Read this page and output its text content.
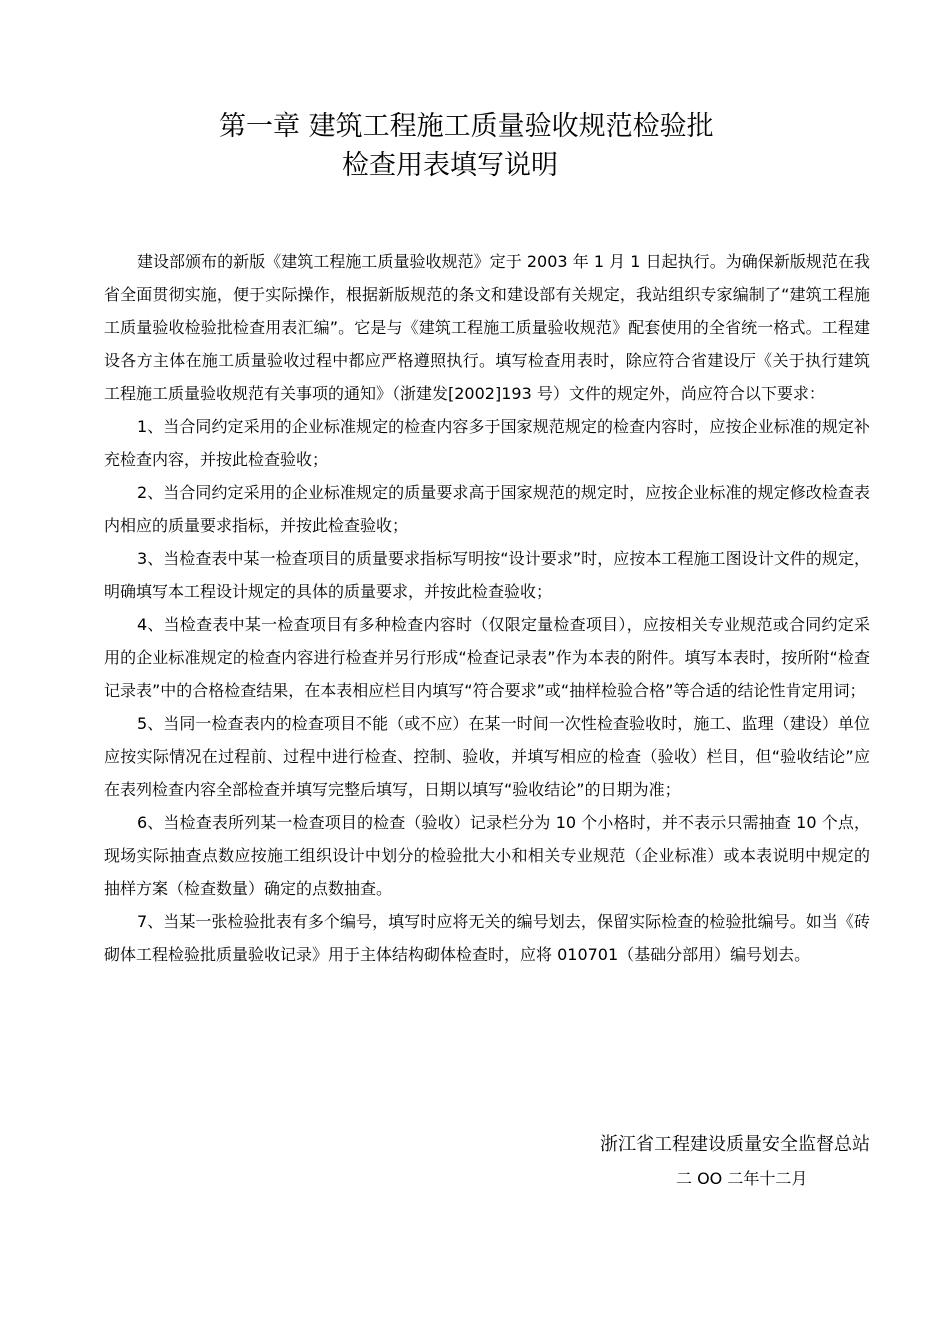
第一章 建筑工程施工质量验收规范检验批
检查用表填写说明

建设部颁布的新版《建筑工程施工质量验收规范》定于 2003 年 1 月 1 日起执行。为确保新版规范在我省全面贯彻实施，便于实际操作，根据新版规范的条文和建设部有关规定，我站组织专家编制了“建筑工程施工质量验收检验批检查用表汇编”。它是与《建筑工程施工质量验收规范》配套使用的全省统一格式。工程建设各方主体在施工质量验收过程中都应严格遵照执行。填写检查用表时，除应符合省建设厅《关于执行建筑工程施工质量验收规范有关事项的通知》（浙建发[2002]193 号）文件的规定外，尚应符合以下要求：

1、当合同约定采用的企业标准规定的检查内容多于国家规范规定的检查内容时，应按企业标准的规定补充检查内容，并按此检查验收；

2、当合同约定采用的企业标准规定的质量要求高于国家规范的规定时，应按企业标准的规定修改检查表内相应的质量要求指标，并按此检查验收；

3、当检查表中某一检查项目的质量要求指标写明按“设计要求”时，应按本工程施工图设计文件的规定，明确填写本工程设计规定的具体的质量要求，并按此检查验收；

4、当检查表中某一检查项目有多种检查内容时（仅限定量检查项目），应按相关专业规范或合同约定采用的企业标准规定的检查内容进行检查并另行形成“检查记录表”作为本表的附件。填写本表时，按所附“检查记录表”中的合格检查结果，在本表相应栏目内填写“符合要求”或“抽样检验合格”等合适的结论性肯定用词；

5、当同一检查表内的检查项目不能（或不应）在某一时间一次性检查验收时，施工、监理（建设）单位应按实际情况在过程前、过程中进行检查、控制、验收，并填写相应的检查（验收）栏目，但“验收结论”应在表列检查内容全部检查并填写完整后填写，日期以填写“验收结论”的日期为准；

6、当检查表所列某一检查项目的检查（验收）记录栏分为 10 个小格时，并不表示只需抽查 10 个点，现场实际抽查点数应按施工组织设计中划分的检验批大小和相关专业规范（企业标准）或本表说明中规定的抽样方案（检查数量）确定的点数抽查。

7、当某一张检验批表有多个编号，填写时应将无关的编号划去，保留实际检查的检验批编号。如当《砖砌体工程检验批质量验收记录》用于主体结构砌体检查时，应将 010701（基础分部用）编号划去。

浙江省工程建设质量安全监督总站
二 OO 二年十二月
